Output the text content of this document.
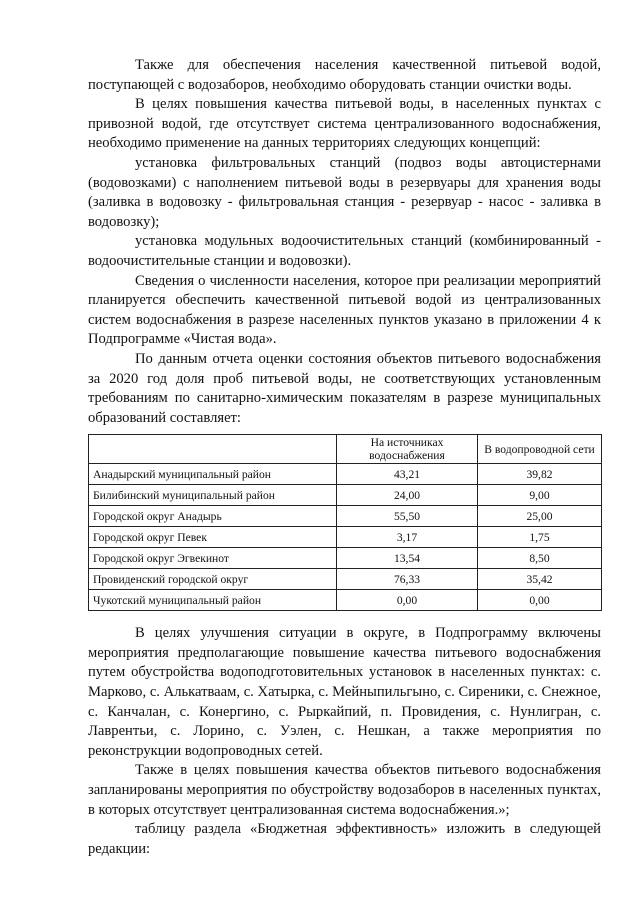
Также для обеспечения населения качественной питьевой водой, поступающей с водозаборов, необходимо оборудовать станции очистки воды.

В целях повышения качества питьевой воды, в населенных пунктах с привозной водой, где отсутствует система централизованного водоснабжения, необходимо применение на данных территориях следующих концепций:

установка фильтровальных станций (подвоз воды автоцистернами (водовозками) с наполнением питьевой воды в резервуары для хранения воды (заливка в водовозку - фильтровальная станция - резервуар - насос - заливка в водовозку);

установка модульных водоочистительных станций (комбинированный - водоочистительные станции и водовозки).

Сведения о численности населения, которое при реализации мероприятий планируется обеспечить качественной питьевой водой из централизованных систем водоснабжения в разрезе населенных пунктов указано в приложении 4 к Подпрограмме «Чистая вода».

По данным отчета оценки состояния объектов питьевого водоснабжения за 2020 год доля проб питьевой воды, не соответствующих установленным требованиям по санитарно-химическим показателям в разрезе муниципальных образований составляет:

	На источниках водоснабжения	В водопроводной сети
Анадырский муниципальный район	43,21	39,82
Билибинский муниципальный район	24,00	9,00
Городской округ Анадырь	55,50	25,00
Городской округ Певек	3,17	1,75
Городской округ Эгвекинот	13,54	8,50
Провиденский городской округ	76,33	35,42
Чукотский муниципальный район	0,00	0,00

В целях улучшения ситуации в округе, в Подпрограмму включены мероприятия предполагающие повышение качества питьевого водоснабжения путем обустройства водоподготовительных установок в населенных пунктах: с. Марково, с. Алькатваам, с. Хатырка, с. Мейныпильгыно, с. Сиреники, с. Снежное, с. Канчалан, с. Конергино, с. Рыркайпий, п. Провидения, с. Нунлигран, с. Лаврентьи, с. Лорино, с. Уэлен, с. Нешкан, а также мероприятия по реконструкции водопроводных сетей.

Также в целях повышения качества объектов питьевого водоснабжения запланированы мероприятия по обустройству водозаборов в населенных пунктах, в которых отсутствует централизованная система водоснабжения.»;

таблицу раздела «Бюджетная эффективность» изложить в следующей редакции:
